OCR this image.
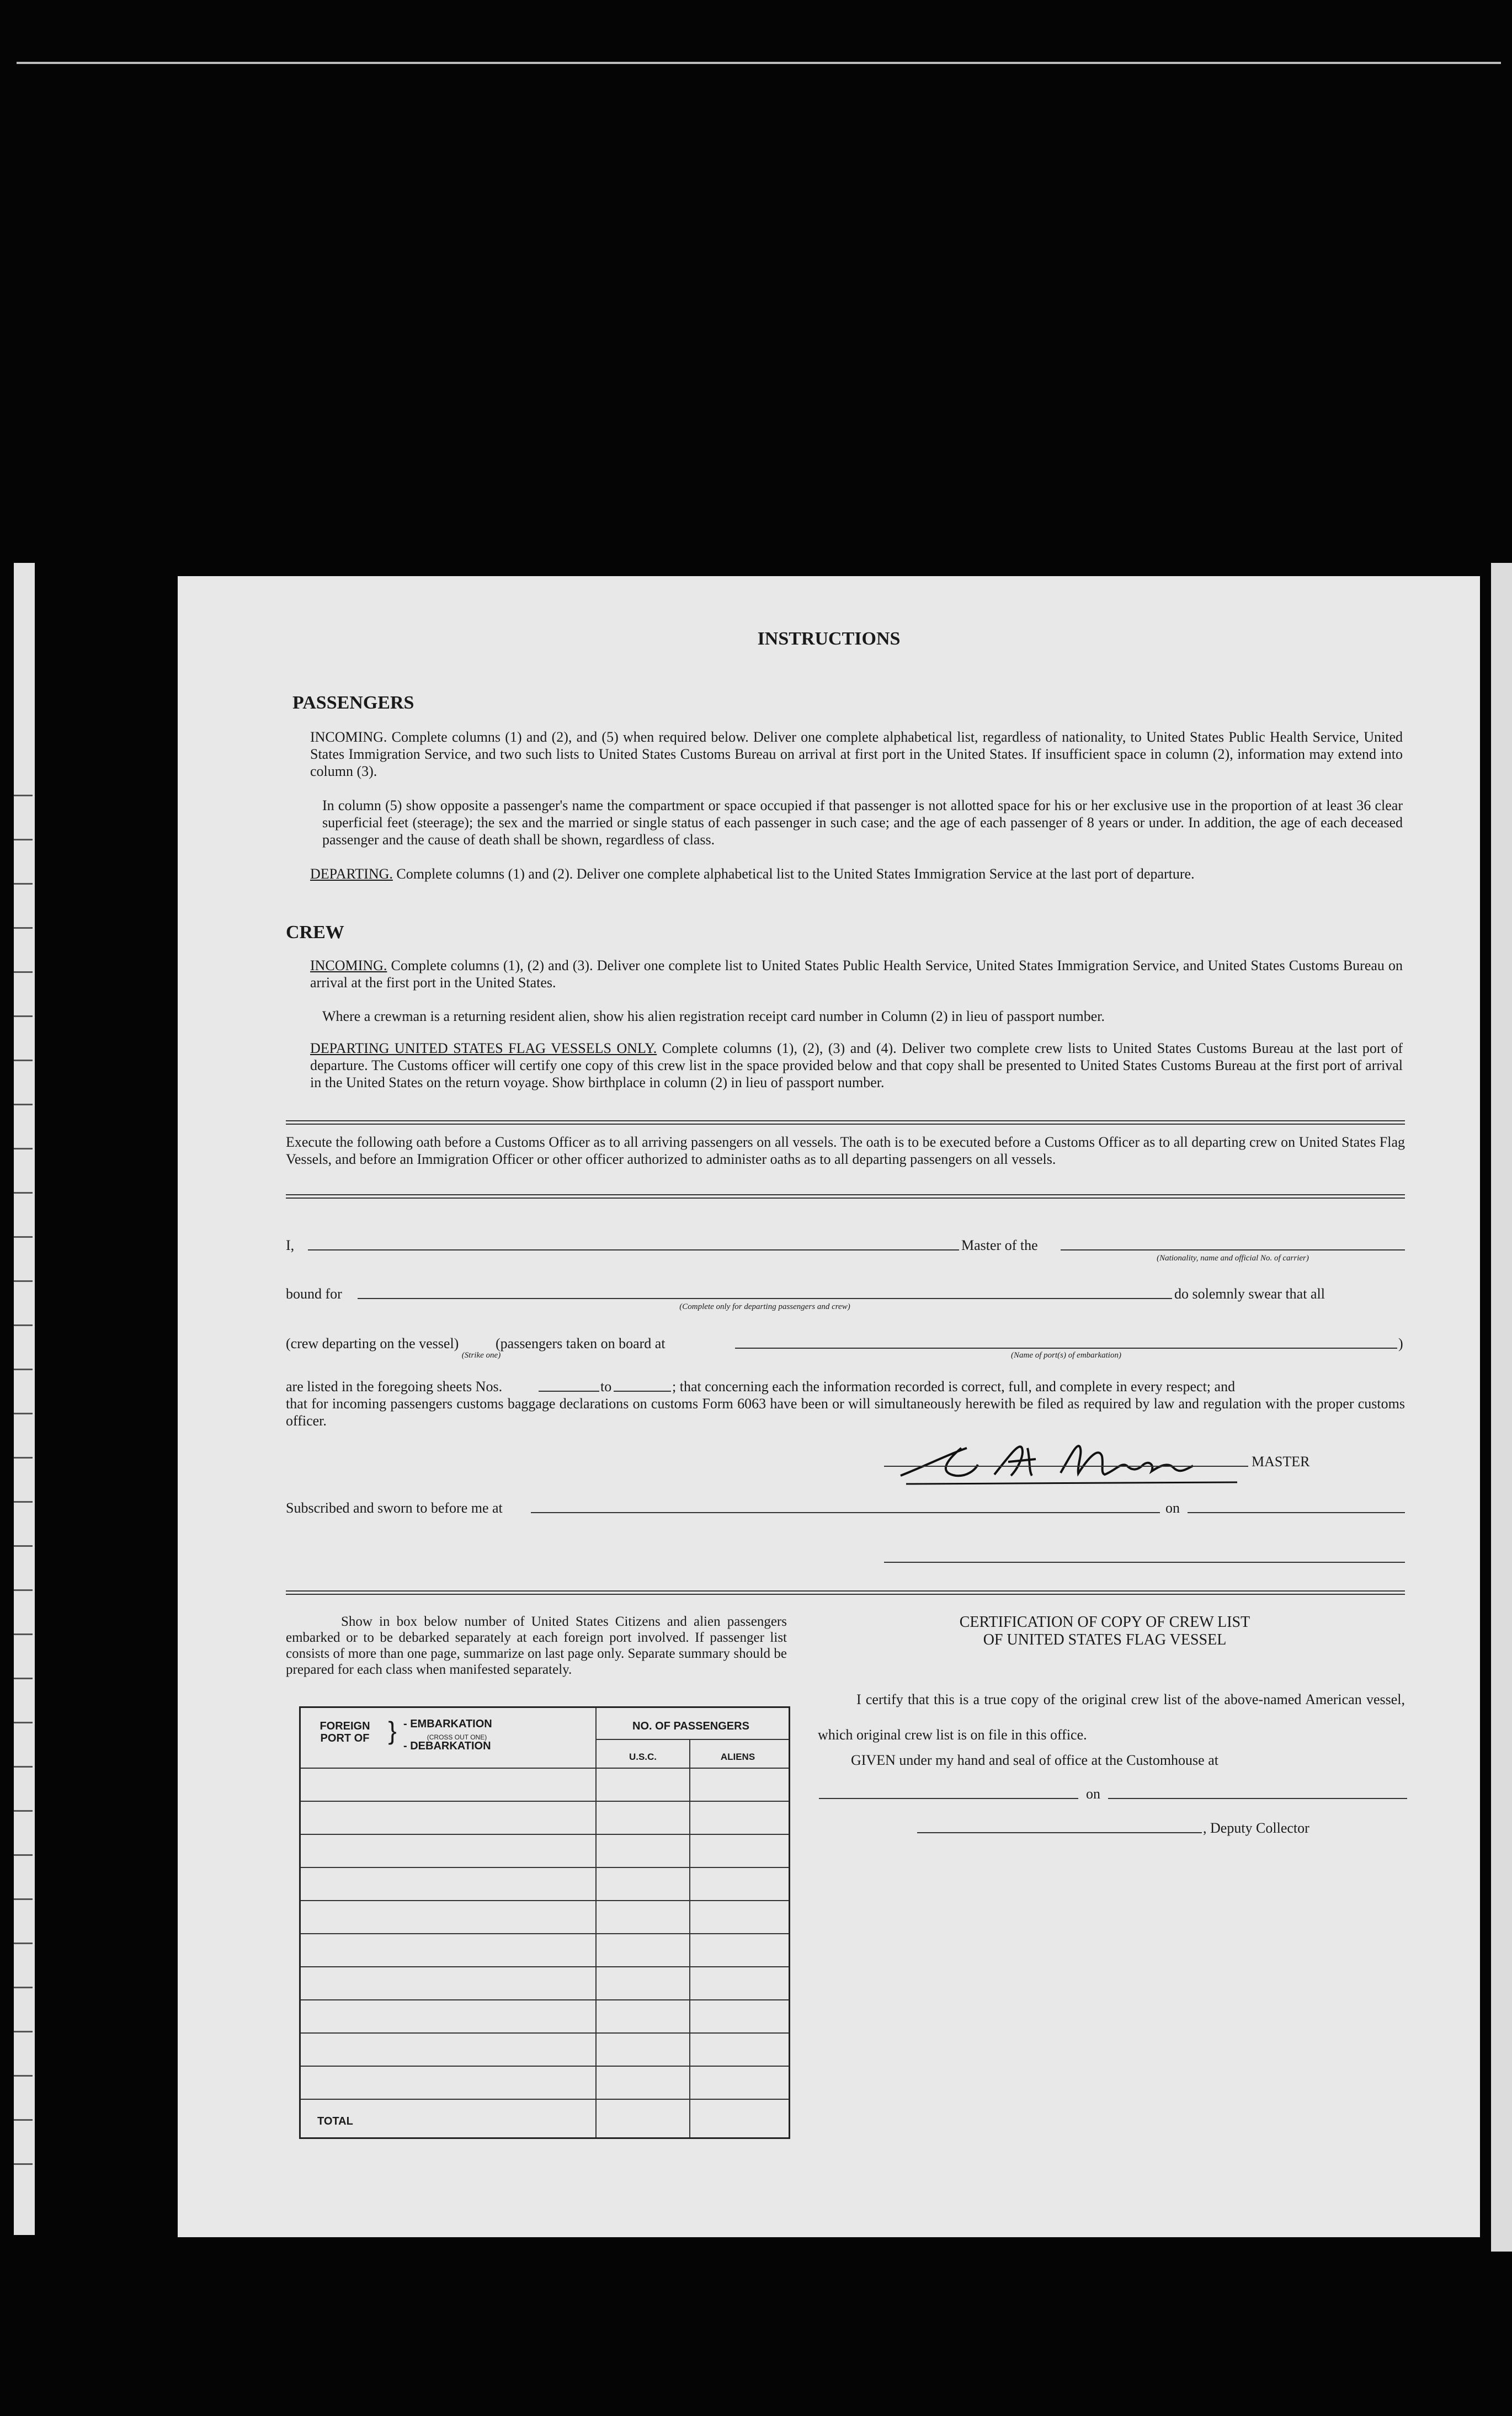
INSTRUCTIONS
PASSENGERS
INCOMING. Complete columns (1) and (2), and (5) when required below. Deliver one complete alphabetical list, regardless of nationality, to United States Public Health Service, United States Immigration Service, and two such lists to United States Customs Bureau on arrival at first port in the United States. If insufficient space in column (2), information may extend into column (3).
In column (5) show opposite a passenger's name the compartment or space occupied if that passenger is not allotted space for his or her exclusive use in the proportion of at least 36 clear superficial feet (steerage); the sex and the married or single status of each passenger in such case; and the age of each passenger of 8 years or under. In addition, the age of each deceased passenger and the cause of death shall be shown, regardless of class.
DEPARTING. Complete columns (1) and (2). Deliver one complete alphabetical list to the United States Immigration Service at the last port of departure.
CREW
INCOMING. Complete columns (1), (2) and (3). Deliver one complete list to United States Public Health Service, United States Immigration Service, and United States Customs Bureau on arrival at the first port in the United States.
Where a crewman is a returning resident alien, show his alien registration receipt card number in Column (2) in lieu of passport number.
DEPARTING UNITED STATES FLAG VESSELS ONLY. Complete columns (1), (2), (3) and (4). Deliver two complete crew lists to United States Customs Bureau at the last port of departure. The Customs officer will certify one copy of this crew list in the space provided below and that copy shall be presented to United States Customs Bureau at the first port of arrival in the United States on the return voyage. Show birthplace in column (2) in lieu of passport number.
Execute the following oath before a Customs Officer as to all arriving passengers on all vessels. The oath is to be executed before a Customs Officer as to all departing crew on United States Flag Vessels, and before an Immigration Officer or other officer authorized to administer oaths as to all departing passengers on all vessels.
I,	Master of the
(Nationality, name and official No. of carrier)
bound for
(Complete only for departing passengers and crew)
do solemnly swear that all
(crew departing on the vessel)	(passengers taken on board at	)
(Strike one)	(Name of port(s) of embarkation)
are listed in the foregoing sheets Nos.	to	; that concerning each the information recorded is correct, full, and complete in every respect; and
that for incoming passengers customs baggage declarations on customs Form 6063 have been or will simultaneously herewith be filed as required by law and regulation with the proper customs officer.
MASTER
Subscribed and sworn to before me at	on
Show in box below number of United States Citizens and alien passengers embarked or to be debarked separately at each foreign port involved. If passenger list consists of more than one page, summarize on last page only. Separate summary should be prepared for each class when manifested separately.
FOREIGN PORT OF } - EMBARKATION
(CROSS OUT ONE)
- DEBARKATION
NO. OF PASSENGERS
U.S.C.	ALIENS
TOTAL
CERTIFICATION OF COPY OF CREW LIST
OF UNITED STATES FLAG VESSEL
I certify that this is a true copy of the original crew list of the above-named American vessel, which original crew list is on file in this office.
GIVEN under my hand and seal of office at the Customhouse at
on
, Deputy Collector
